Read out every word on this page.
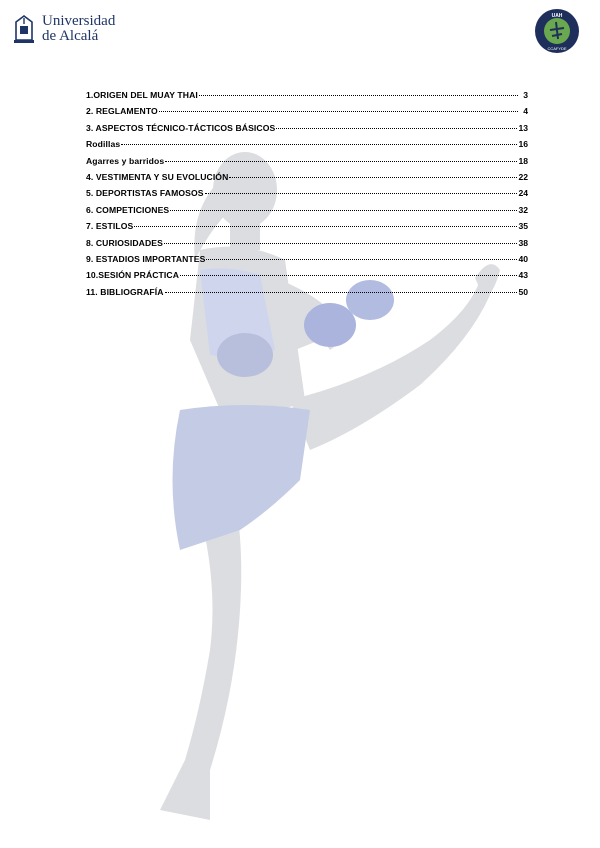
Universidad
de Alcalá
UAH
CCAFYDE
1.ORIGEN DEL MUAY THAI	3
2. REGLAMENTO	4
3. ASPECTOS TÉCNICO-TÁCTICOS BÁSICOS	13
Rodillas	16
Agarres y barridos	18
4. VESTIMENTA Y SU EVOLUCIÓN	22
5. DEPORTISTAS FAMOSOS	24
6. COMPETICIONES	32
7. ESTILOS	35
8. CURIOSIDADES	38
9. ESTADIOS IMPORTANTES	40
10.SESIÓN PRÁCTICA	43
11. BIBLIOGRAFÍA	50
